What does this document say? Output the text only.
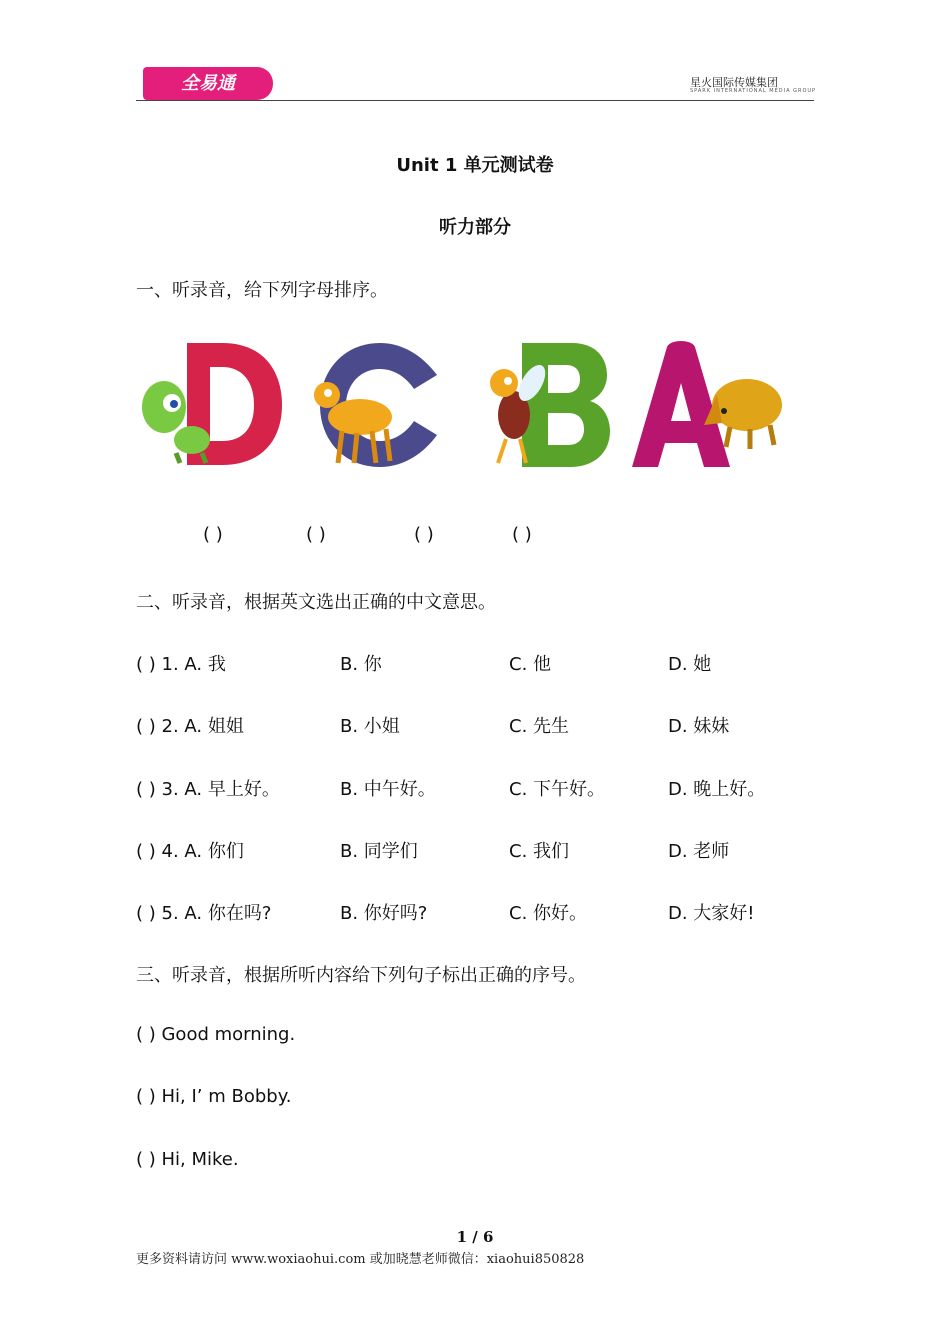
全易通	星火国际传媒集团
SPARK INTERNATIONAL MEDIA GROUP
Unit 1 单元测试卷
听力部分
一、听录音，给下列字母排序。
( )	( )	( )	( )
二、听录音，根据英文选出正确的中文意思。
( ) 1. A. 我	B. 你	C. 他	D. 她
( ) 2. A. 姐姐	B. 小姐	C. 先生	D. 妹妹
( ) 3. A. 早上好。	B. 中午好。	C. 下午好。	D. 晚上好。
( ) 4. A. 你们	B. 同学们	C. 我们	D. 老师
( ) 5. A. 你在吗?	B. 你好吗?	C. 你好。	D. 大家好!
三、听录音，根据所听内容给下列句子标出正确的序号。
( ) Good morning.
( ) Hi, I’ m Bobby.
( ) Hi, Mike.
1 / 6
更多资料请访问 www.woxiaohui.com 或加晓慧老师微信：xiaohui850828
